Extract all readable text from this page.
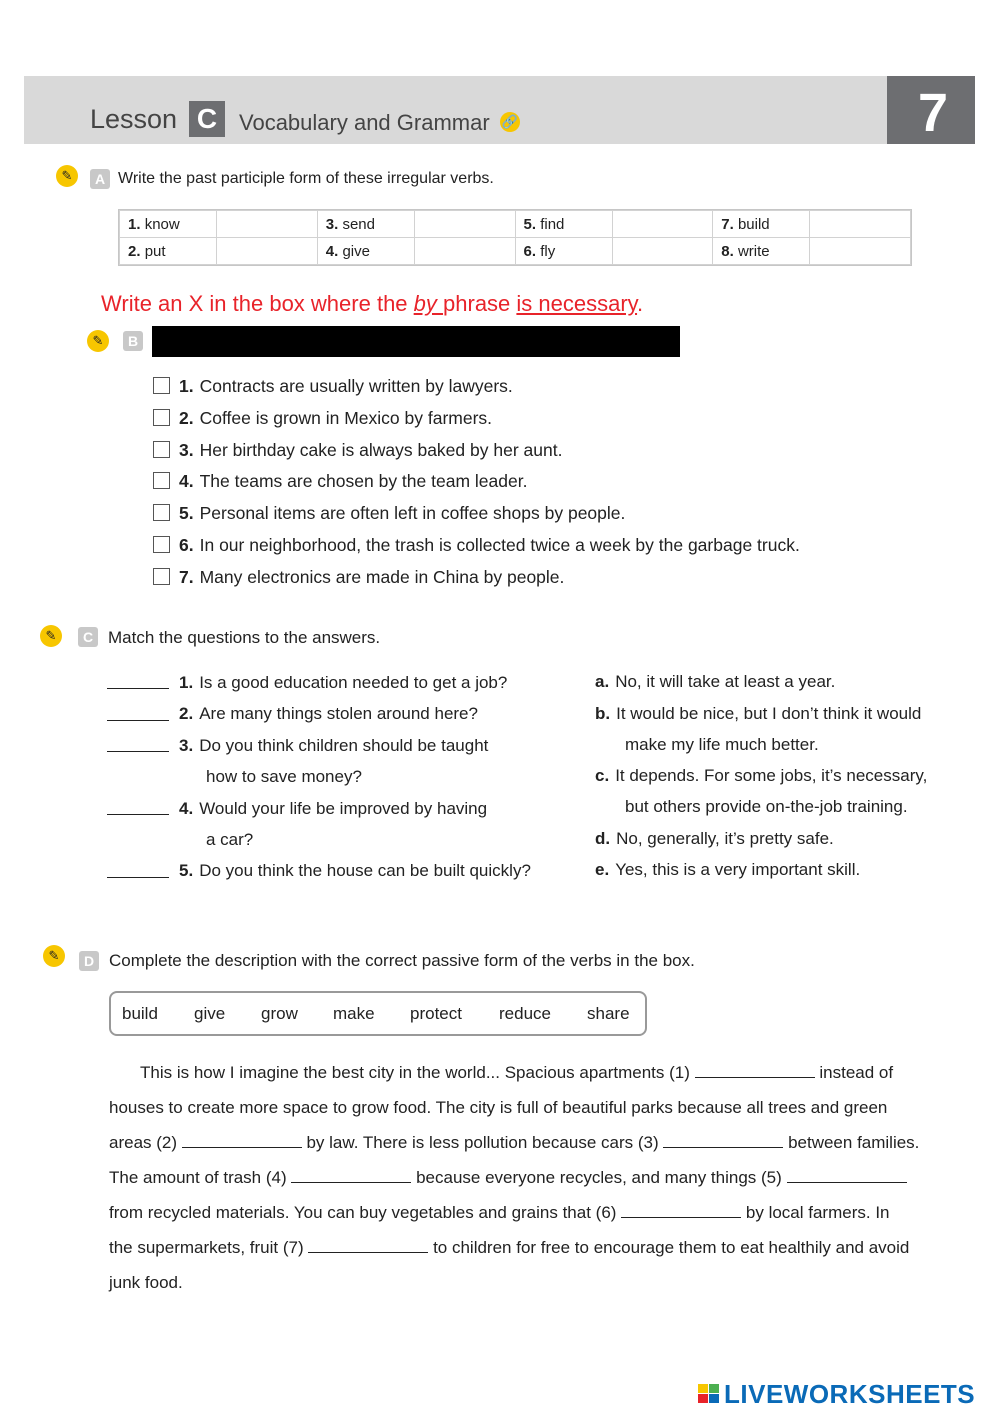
Lesson C Vocabulary and Grammar 🔗
Unit
7
✎	A Write the past participle form of these irregular verbs.
1. know		3. send		5. find		7. build	
2. put		4. give		6. fly		8. write	
Write an X in the box where the by phrase is necessary.
✎	B
1. Contracts are usually written by lawyers.
2. Coffee is grown in Mexico by farmers.
3. Her birthday cake is always baked by her aunt.
4. The teams are chosen by the team leader.
5. Personal items are often left in coffee shops by people.
6. In our neighborhood, the trash is collected twice a week by the garbage truck.
7. Many electronics are made in China by people.
✎	C Match the questions to the answers.
1. Is a good education needed to get a job?
2. Are many things stolen around here?
3. Do you think children should be taught
how to save money?
4. Would your life be improved by having
a car?
5. Do you think the house can be built quickly?
a. No, it will take at least a year.
b. It would be nice, but I don’t think it would
make my life much better.
c. It depends. For some jobs, it’s necessary,
but others provide on-the-job training.
d. No, generally, it’s pretty safe.
e. Yes, this is a very important skill.
✎	D Complete the description with the correct passive form of the verbs in the box.
build give grow make protect reduce share
This is how I imagine the best city in the world... Spacious apartments (1)	instead of
houses to create more space to grow food. The city is full of beautiful parks because all trees and green
areas (2)	by law. There is less pollution because cars (3)	between families.
The amount of trash (4)	because everyone recycles, and many things (5)
from recycled materials. You can buy vegetables and grains that (6)	by local farmers. In
the supermarkets, fruit (7)	to children for free to encourage them to eat healthily and avoid
junk food.
LIVEWORKSHEETS
